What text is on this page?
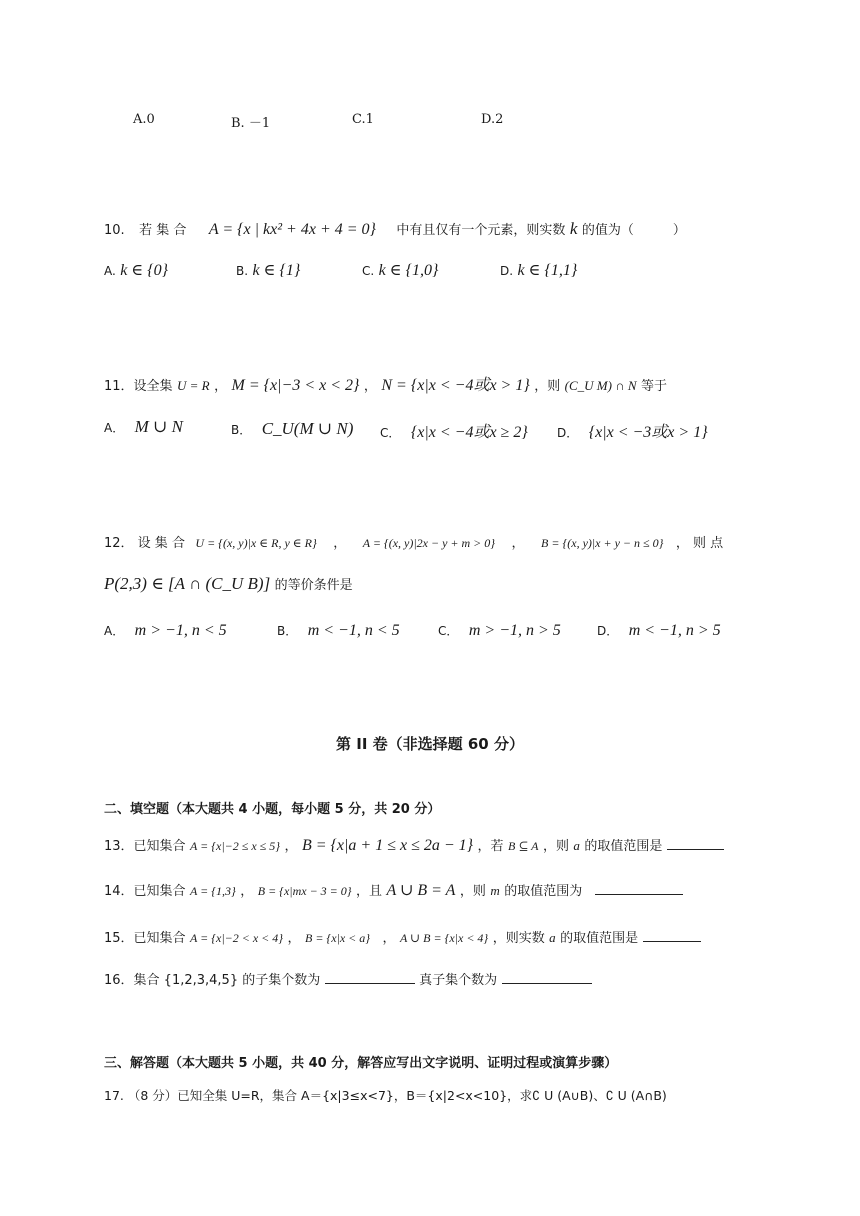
A.0	B. －1	C.1	D.2
10. 若 集 合 A = {x | kx² + 4x + 4 = 0} 中有且仅有一个元素，则实数 k 的值为（　　　）
A. k ∈ {0}	B. k ∈ {1}	C. k ∈ {1,0}	D. k ∈ {1,1}
11．设全集 U = R ， M = {x|−3 < x < 2} ， N = {x|x < −4或x > 1} ，则 (C_U M) ∩ N 等于
A． M ∪ N	B． C_U(M ∪ N) C． {x|x < −4或x ≥ 2} D． {x|x < −3或x > 1}
12． 设 集 合 U = {(x, y)|x ∈ R, y ∈ R} ， A = {(x, y)|2x − y + m > 0} ， B = {(x, y)|x + y − n ≤ 0} ， 则 点
P(2,3) ∈ [A ∩ (C_U B)] 的等价条件是
A． m > −1, n < 5	B． m < −1, n < 5	C． m > −1, n > 5	D． m < −1, n > 5
第 II 卷（非选择题 60 分）
二、填空题（本大题共 4 小题，每小题 5 分，共 20 分）
13．已知集合 A = {x|−2 ≤ x ≤ 5} ， B = {x|a + 1 ≤ x ≤ 2a − 1} ，若 B ⊆ A ，则 a 的取值范围是
14．已知集合 A = {1,3} ， B = {x|mx − 3 = 0} ，且 A ∪ B = A ，则 m 的取值范围为
15．已知集合 A = {x|−2 < x < 4} ， B = {x|x < a} ， A ∪ B = {x|x < 4} ，则实数 a 的取值范围是
16．集合 {1,2,3,4,5} 的子集个数为	真子集个数为
三、解答题（本大题共 5 小题，共 40 分，解答应写出文字说明、证明过程或演算步骤）
17. （8 分）已知全集 U=R，集合 A＝{x|3≤x<7}，B＝{x|2<x<10}，求∁ U (A∪B)、∁ U (A∩B)
